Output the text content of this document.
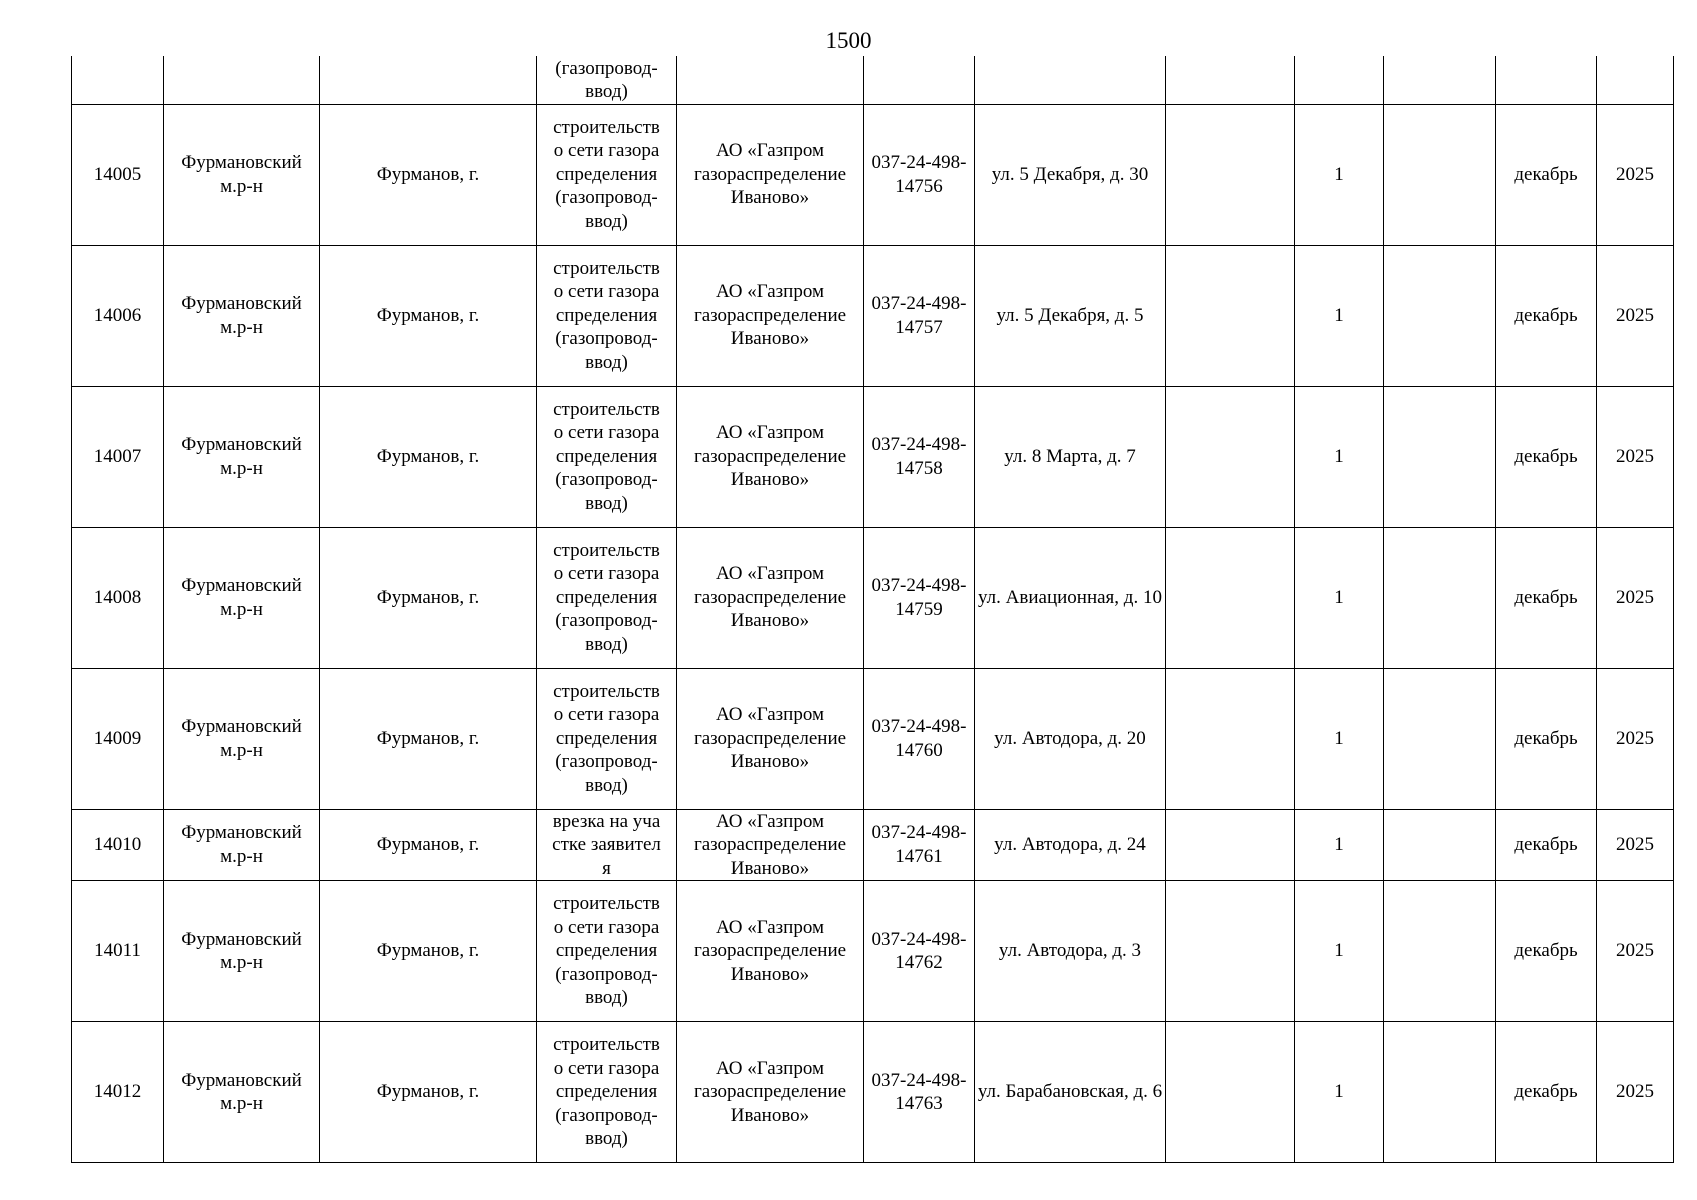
1500
			(газопровод-
ввод)								
14005	Фурмановский м.р-н	Фурманов, г.	строительство сети газораспределения (газопровод-ввод)	АО «Газпром газораспределение Иваново»	037-24-498-14756	ул. 5 Декабря, д. 30		1		декабрь	2025
14006	Фурмановский м.р-н	Фурманов, г.	строительство сети газораспределения (газопровод-ввод)	АО «Газпром газораспределение Иваново»	037-24-498-14757	ул. 5 Декабря, д. 5		1		декабрь	2025
14007	Фурмановский м.р-н	Фурманов, г.	строительство сети газораспределения (газопровод-ввод)	АО «Газпром газораспределение Иваново»	037-24-498-14758	ул. 8 Марта, д. 7		1		декабрь	2025
14008	Фурмановский м.р-н	Фурманов, г.	строительство сети газораспределения (газопровод-ввод)	АО «Газпром газораспределение Иваново»	037-24-498-14759	ул. Авиационная, д. 10		1		декабрь	2025
14009	Фурмановский м.р-н	Фурманов, г.	строительство сети газораспределения (газопровод-ввод)	АО «Газпром газораспределение Иваново»	037-24-498-14760	ул. Автодора, д. 20		1		декабрь	2025
14010	Фурмановский м.р-н	Фурманов, г.	врезка на участке заявителя	АО «Газпром газораспределение Иваново»	037-24-498-14761	ул. Автодора, д. 24		1		декабрь	2025
14011	Фурмановский м.р-н	Фурманов, г.	строительство сети газораспределения (газопровод-ввод)	АО «Газпром газораспределение Иваново»	037-24-498-14762	ул. Автодора, д. 3		1		декабрь	2025
14012	Фурмановский м.р-н	Фурманов, г.	строительство сети газораспределения (газопровод-ввод)	АО «Газпром газораспределение Иваново»	037-24-498-14763	ул. Барабановская, д. 6		1		декабрь	2025
